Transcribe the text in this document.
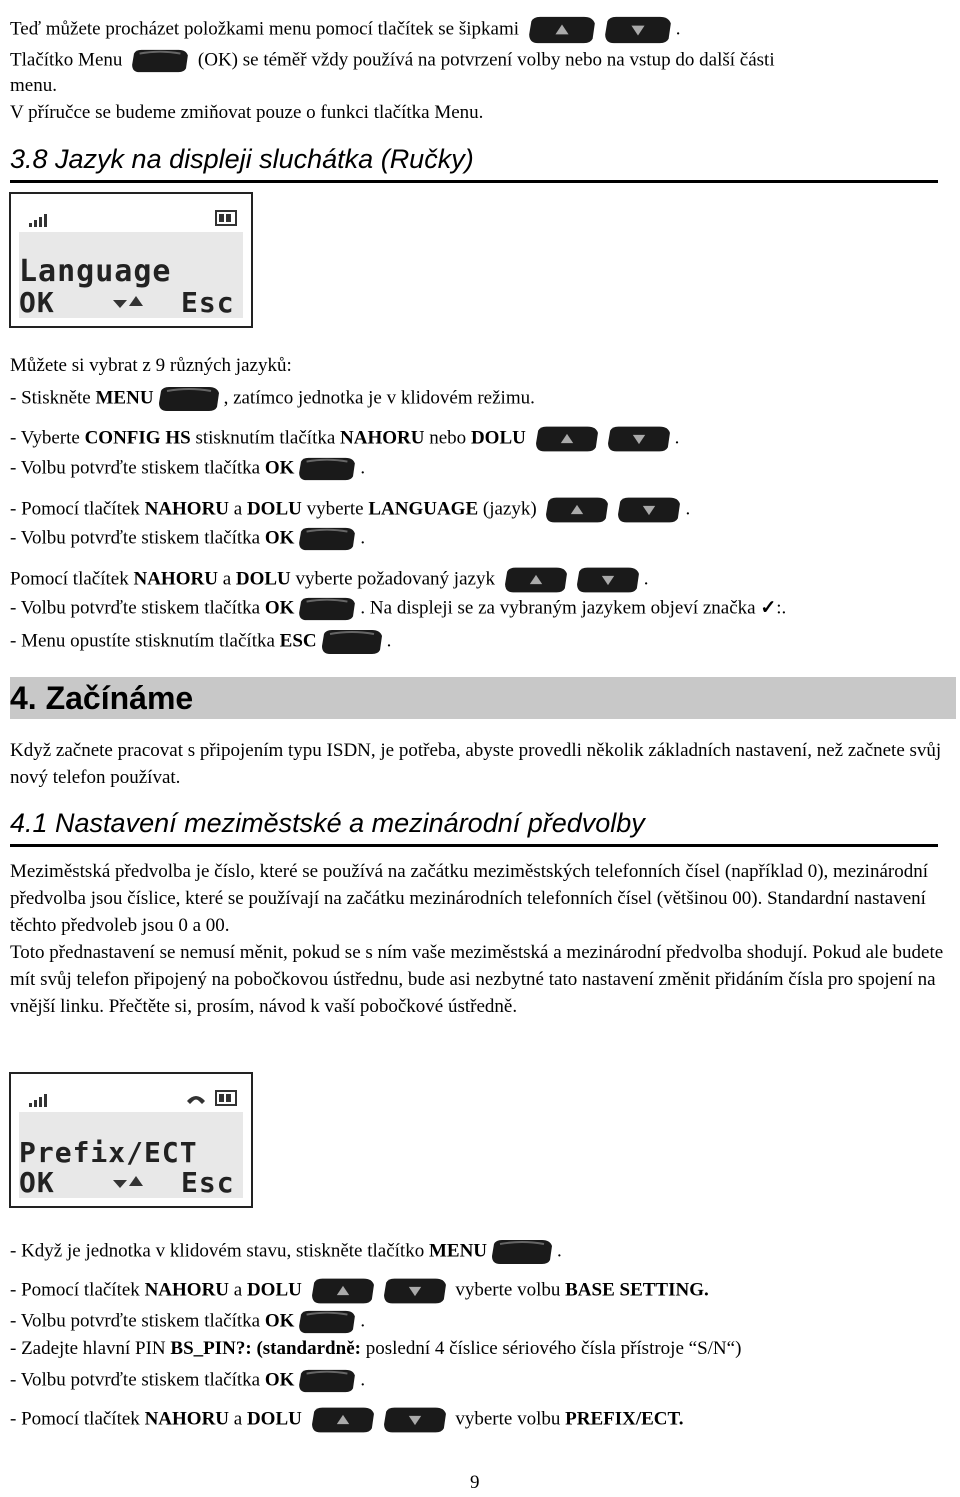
Teď můžete procházet položkami menu pomocí tlačítek se šipkami	.
Tlačítko Menu	(OK) se téměř vždy používá na potvrzení volby nebo na vstup do další části
menu.
V příručce se budeme zmiňovat pouze o funkci tlačítka Menu.
3.8 Jazyk na displeji sluchátka (Ručky)
Language
OK	Esc
Můžete si vybrat z 9 různých jazyků:
- Stiskněte MENU	, zatímco jednotka je v klidovém režimu.
- Vyberte CONFIG HS stisknutím tlačítka NAHORU nebo DOLU	.
- Volbu potvrďte stiskem tlačítka OK	.
- Pomocí tlačítek NAHORU a DOLU vyberte LANGUAGE (jazyk)	.
- Volbu potvrďte stiskem tlačítka OK	.
Pomocí tlačítek NAHORU a DOLU vyberte požadovaný jazyk	.
- Volbu potvrďte stiskem tlačítka OK	. Na displeji se za vybraným jazykem objeví značka ✓:.
- Menu opustíte stisknutím tlačítka ESC	.
4. Začínáme
Když začnete pracovat s připojením typu ISDN, je potřeba, abyste provedli několik základních nastavení, než začnete svůj nový telefon používat.
4.1 Nastavení meziměstské a mezinárodní předvolby
Meziměstská předvolba je číslo, které se používá na začátku meziměstských telefonních čísel (například 0), mezinárodní předvolba jsou číslice, které se používají na začátku mezinárodních telefonních čísel (většinou 00). Standardní nastavení těchto předvoleb jsou 0 a 00.
Toto přednastavení se nemusí měnit, pokud se s ním vaše meziměstská a mezinárodní předvolba shodují. Pokud ale budete mít svůj telefon připojený na pobočkovou ústřednu, bude asi nezbytné tato nastavení změnit přidáním čísla pro spojení na vnější linku. Přečtěte si, prosím, návod k vaší pobočkové ústředně.
Prefix/ECT
OK	Esc
- Když je jednotka v klidovém stavu, stiskněte tlačítko MENU	.
- Pomocí tlačítek NAHORU a DOLU	vyberte volbu BASE SETTING.
- Volbu potvrďte stiskem tlačítka OK	.
- Zadejte hlavní PIN BS_PIN?: (standardně: poslední 4 číslice sériového čísla přístroje “S/N“)
- Volbu potvrďte stiskem tlačítka OK	.
- Pomocí tlačítek NAHORU a DOLU	vyberte volbu PREFIX/ECT.
9
